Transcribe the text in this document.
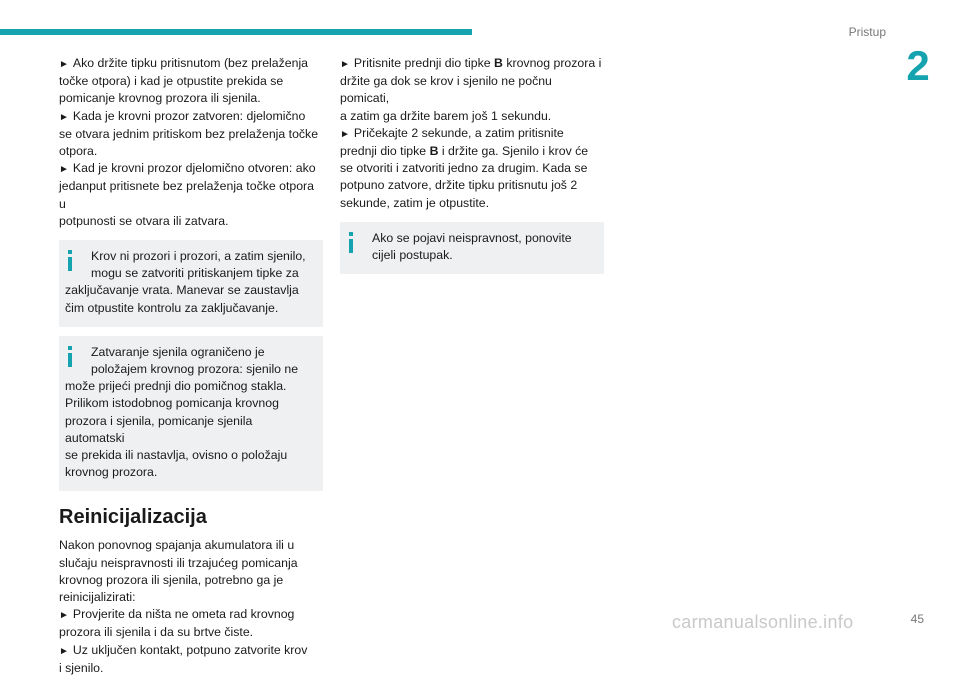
Pristup
2

► Ako držite tipku pritisnutom (bez prelaženja
točke otpora) i kad je otpustite prekida se
pomicanje krovnog prozora ili sjenila.
► Kada je krovni prozor zatvoren: djelomično
se otvara jednim pritiskom bez prelaženja točke
otpora.
► Kad je krovni prozor djelomično otvoren: ako
jedanput pritisnete bez prelaženja točke otpora u
potpunosti se otvara ili zatvara.

Krov ni prozori i prozori, a zatim sjenilo,
mogu se zatvoriti pritiskanjem tipke za
zaključavanje vrata. Manevar se zaustavlja
čim otpustite kontrolu za zaključavanje.

Zatvaranje sjenila ograničeno je
položajem krovnog prozora: sjenilo ne
može prijeći prednji dio pomičnog stakla.
Prilikom istodobnog pomicanja krovnog
prozora i sjenila, pomicanje sjenila automatski
se prekida ili nastavlja, ovisno o položaju
krovnog prozora.

Reinicijalizacija

Nakon ponovnog spajanja akumulatora ili u
slučaju neispravnosti ili trzajućeg pomicanja
krovnog prozora ili sjenila, potrebno ga je
reinicijalizirati:
► Provjerite da ništa ne ometa rad krovnog
prozora ili sjenila i da su brtve čiste.
► Uz uključen kontakt, potpuno zatvorite krov
i sjenilo.

► Pritisnite prednji dio tipke B krovnog prozora i
držite ga dok se krov i sjenilo ne počnu pomicati,
a zatim ga držite barem još 1 sekundu.
► Pričekajte 2 sekunde, a zatim pritisnite
prednji dio tipke B i držite ga. Sjenilo i krov će
se otvoriti i zatvoriti jedno za drugim. Kada se
potpuno zatvore, držite tipku pritisnutu još 2
sekunde, zatim je otpustite.

Ako se pojavi neispravnost, ponovite
cijeli postupak.

carmanualsonline.info	45
